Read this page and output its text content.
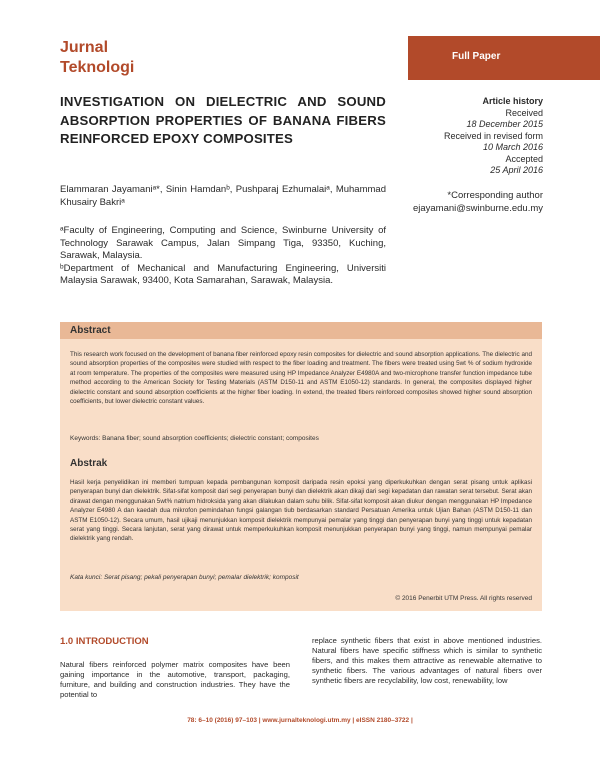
Jurnal
Teknologi
Full Paper
INVESTIGATION ON DIELECTRIC AND SOUND ABSORPTION PROPERTIES OF BANANA FIBERS REINFORCED EPOXY COMPOSITES
Article history
Received
18 December 2015
Received in revised form
10 March 2016
Accepted
25 April 2016
*Corresponding author
ejayamani@swinburne.edu.my
Elammaran Jayamaniᵃ*, Sinin Hamdanᵇ, Pushparaj Ezhumalaiᵃ, Muhammad Khusairy Bakriᵃ

ᵃFaculty of Engineering, Computing and Science, Swinburne University of Technology Sarawak Campus, Jalan Simpang Tiga, 93350, Kuching, Sarawak, Malaysia.

ᵇDepartment of Mechanical and Manufacturing Engineering, Universiti Malaysia Sarawak, 93400, Kota Samarahan, Sarawak, Malaysia.

Abstract
This research work focused on the development of banana fiber reinforced epoxy resin composites for dielectric and sound absorption applications. The dielectric and sound absorption properties of the composites were studied with respect to the fiber loading and treatment. The fibers were treated using 5wt % of sodium hydroxide at room temperature. The properties of the composites were measured using HP Impedance Analyzer E4980A and two-microphone transfer function impedance tube method according to the American Society for Testing Materials (ASTM D150-11 and ASTM E1050-12) standards. In general, the composites displayed higher dielectric constant and sound absorption coefficients at the higher fiber loading. In extend, the treated fibers reinforced composites showed higher sound absorption coefficients, but lower dielectric constant values.
Keywords: Banana fiber; sound absorption coefficients; dielectric constant; composites
Abstrak
Hasil kerja penyelidikan ini memberi tumpuan kepada pembangunan komposit daripada resin epoksi yang diperkukuhkan dengan serat pisang untuk aplikasi penyerapan bunyi dan dielektrik. Sifat-sifat komposit dari segi penyerapan bunyi dan dielektrik akan dikaji dari segi kepadatan dan rawatan serat tersebut. Serat akan dirawat dengan menggunakan 5wt% natrium hidroksida yang akan dilakukan dalam suhu bilik. Sifat-sifat komposit akan diukur dengan menggunakan HP Impedance Analyzer E4980 A dan kaedah dua mikrofon pemindahan fungsi galangan tiub berdasarkan standard Persatuan Amerika untuk Ujian Bahan (ASTM D150-11 dan ASTM E1050-12). Secara umum, hasil ujikaji menunjukkan komposit dielektrik mempunyai pemalar yang tinggi dan penyerapan bunyi yang tinggi untuk kepadatan serat yang tinggi. Secara lanjutan, serat yang dirawat untuk memperkukuhkan komposit menunjukkan penyerapan bunyi yang tinggi, namun mempunyai pemalar dielektrik yang rendah.
Kata kunci: Serat pisang; pekali penyerapan bunyi; pemalar dielektrik; komposit
© 2016 Penerbit UTM Press. All rights reserved
1.0 INTRODUCTION
Natural fibers reinforced polymer matrix composites have been gaining importance in the automotive, transport, packaging, furniture, and building and construction industries. They have the potential to
replace synthetic fibers that exist in above mentioned industries. Natural fibers have specific stiffness which is similar to synthetic fibers, and this makes them attractive as renewable alternative to synthetic fibers. The various advantages of natural fibers over synthetic fibers are recyclability, low cost, renewability, low
78: 6–10 (2016) 97–103 | www.jurnalteknologi.utm.my | eISSN 2180–3722 |
